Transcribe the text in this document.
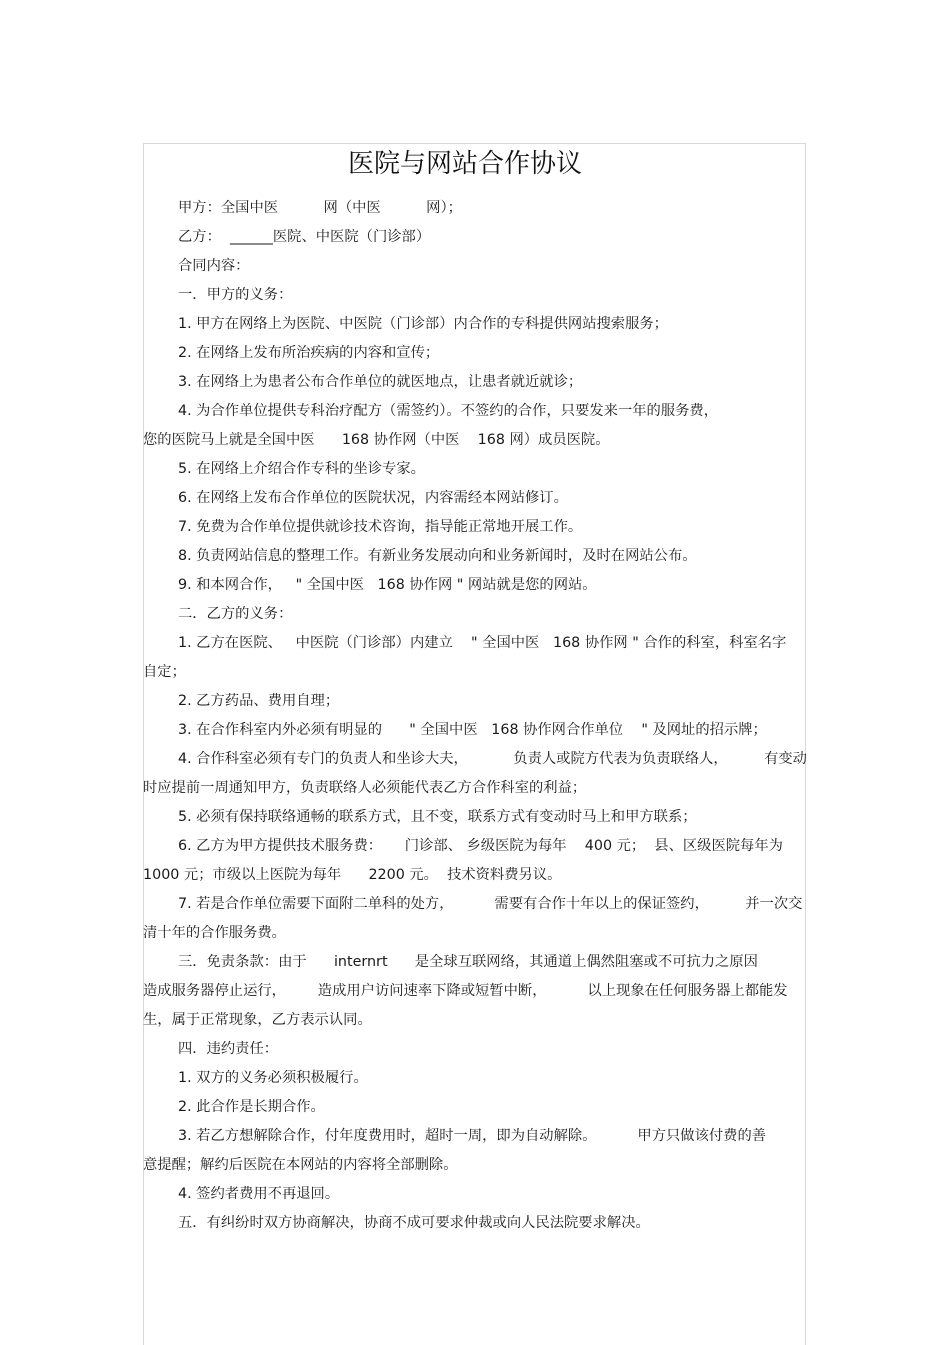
医院与网站合作协议
甲方：全国中医          网（中医          网）；
乙方：  ______医院、中医院（门诊部）
合同内容：
一．甲方的义务：
1. 甲方在网络上为医院、中医院（门诊部）内合作的专科提供网站搜索服务；
2. 在网络上发布所治疾病的内容和宣传；
3. 在网络上为患者公布合作单位的就医地点，让患者就近就诊；
4. 为合作单位提供专科治疗配方（需签约）。不签约的合作，只要发来一年的服务费，
您的医院马上就是全国中医      168 协作网（中医    168 网）成员医院。
5. 在网络上介绍合作专科的坐诊专家。
6. 在网络上发布合作单位的医院状况，内容需经本网站修订。
7. 免费为合作单位提供就诊技术咨询，指导能正常地开展工作。
8. 负责网站信息的整理工作。有新业务发展动向和业务新闻时，及时在网站公布。
9. 和本网合作，   " 全国中医   168 协作网 " 网站就是您的网站。
二．乙方的义务：
1. 乙方在医院、   中医院（门诊部）内建立    " 全国中医   168 协作网 " 合作的科室，科室名字
自定；
2. 乙方药品、费用自理；
3. 在合作科室内外必须有明显的      " 全国中医   168 协作网合作单位    " 及网址的招示牌；
4. 合作科室必须有专门的负责人和坐诊大夫，          负责人或院方代表为负责联络人，        有变动
时应提前一周通知甲方，负责联络人必须能代表乙方合作科室的利益；
5. 必须有保持联络通畅的联系方式，且不变，联系方式有变动时马上和甲方联系；
6. 乙方为甲方提供技术服务费：     门诊部、 乡级医院为每年    400 元；  县、区级医院每年为
1000 元；市级以上医院为每年      2200 元。  技术资料费另议。
7. 若是合作单位需要下面附二单科的处方，         需要有合作十年以上的保证签约，        并一次交
清十年的合作服务费。
三．免责条款：由于      internrt      是全球互联网络，其通道上偶然阻塞或不可抗力之原因
造成服务器停止运行，       造成用户访问速率下降或短暂中断，         以上现象在任何服务器上都能发
生，属于正常现象，乙方表示认同。
四．违约责任：
1. 双方的义务必须积极履行。
2. 此合作是长期合作。
3. 若乙方想解除合作，付年度费用时，超时一周，即为自动解除。         甲方只做该付费的善
意提醒；解约后医院在本网站的内容将全部删除。
4. 签约者费用不再退回。
五．有纠纷时双方协商解决，协商不成可要求仲裁或向人民法院要求解决。
